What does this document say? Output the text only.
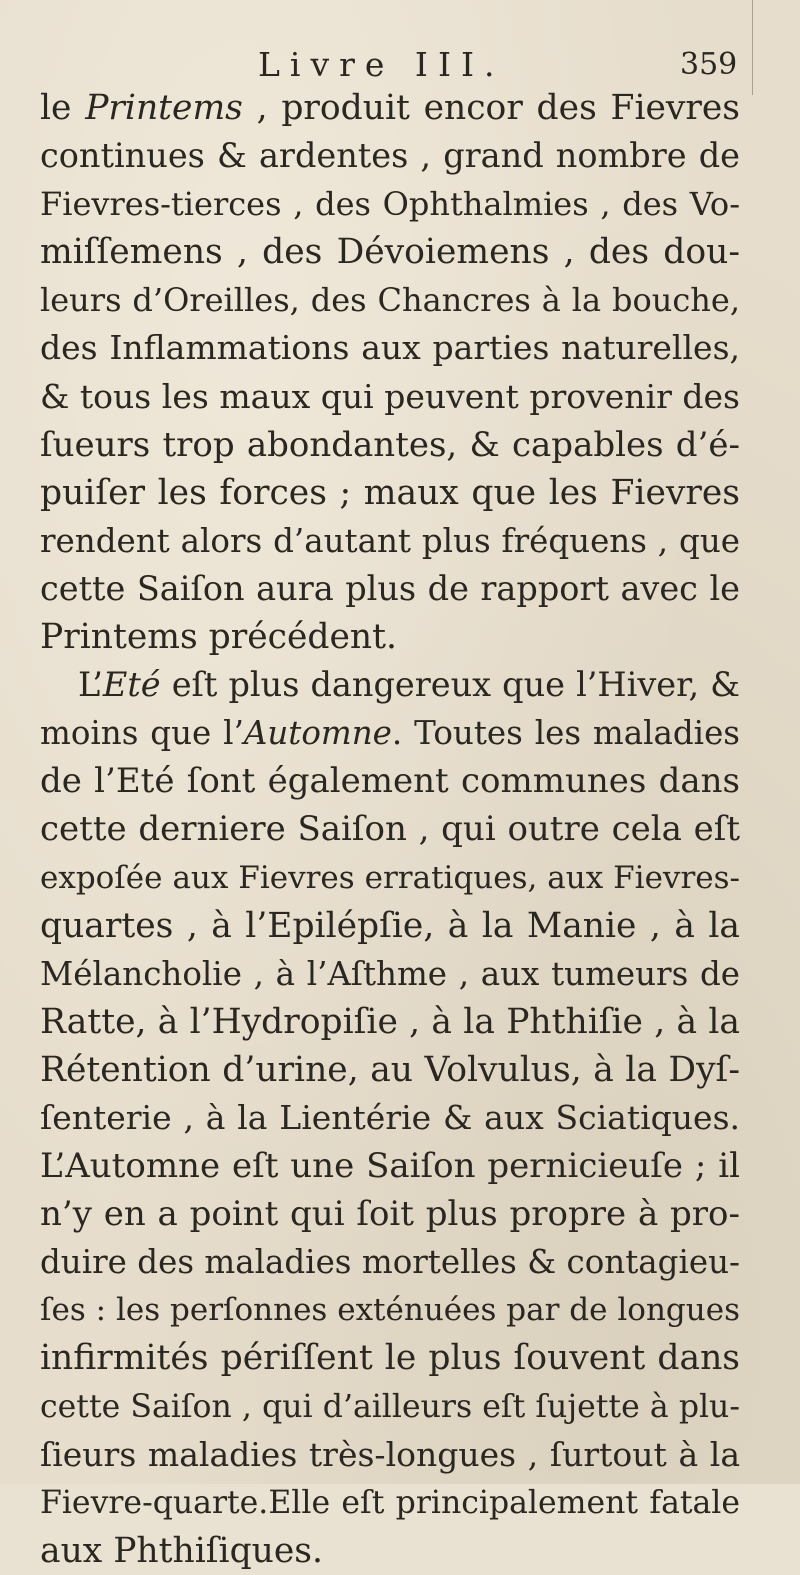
Livre III.	359
le Printems , produit encor des Fievres
continues & ardentes , grand nombre de
Fievres-tierces , des Ophthalmies , des Vo-
miſſemens , des Dévoiemens , des dou-
leurs d’Oreilles, des Chancres à la bouche,
des Inflammations aux parties naturelles,
& tous les maux qui peuvent provenir des
ſueurs trop abondantes, & capables d’é-
puiſer les forces ; maux que les Fievres
rendent alors d’autant plus fréquens , que
cette Saiſon aura plus de rapport avec le
Printems précédent.
L’Eté eſt plus dangereux que l’Hiver, &
moins que l’Automne. Toutes les maladies
de l’Eté ſont également communes dans
cette derniere Saiſon , qui outre cela eſt
expoſée aux Fievres erratiques, aux Fievres-
quartes , à l’Epilépſie, à la Manie , à la
Mélancholie , à l’Aſthme , aux tumeurs de
Ratte, à l’Hydropiſie , à la Phthiſie , à la
Rétention d’urine, au Volvulus, à la Dyſ-
ſenterie , à la Lientérie & aux Sciatiques.
L’Automne eſt une Saiſon pernicieuſe ; il
n’y en a point qui ſoit plus propre à pro-
duire des maladies mortelles & contagieu-
ſes : les perſonnes exténuées par de longues
infirmités périſſent le plus ſouvent dans
cette Saiſon , qui d’ailleurs eſt ſujette à plu-
ſieurs maladies très-longues , ſurtout à la
Fievre-quarte.Elle eſt principalement fatale
aux Phthiſiques.
